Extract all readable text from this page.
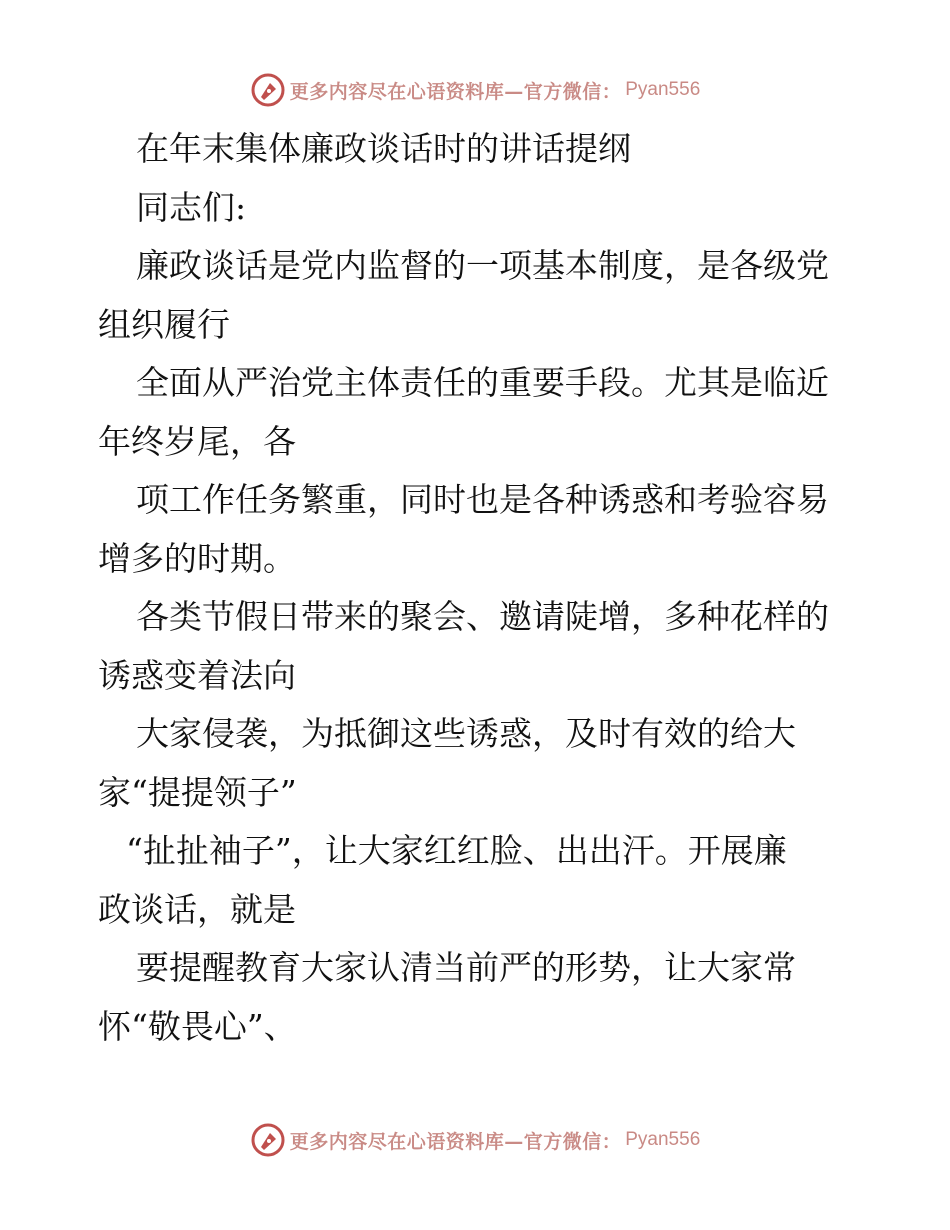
更多内容尽在心语资料库—官方微信： Pyan556
在年末集体廉政谈话时的讲话提纲
同志们:
廉政谈话是党内监督的一项基本制度，是各级党
组织履行
全面从严治党主体责任的重要手段。尤其是临近
年终岁尾，各
项工作任务繁重，同时也是各种诱惑和考验容易
增多的时期。
各类节假日带来的聚会、邀请陡增，多种花样的
诱惑变着法向
大家侵袭，为抵御这些诱惑，及时有效的给大
家“提提领子”
“扯扯袖子”，让大家红红脸、出出汗。开展廉
政谈话，就是
要提醒教育大家认清当前严的形势，让大家常
怀“敬畏心”、
更多内容尽在心语资料库—官方微信： Pyan556
